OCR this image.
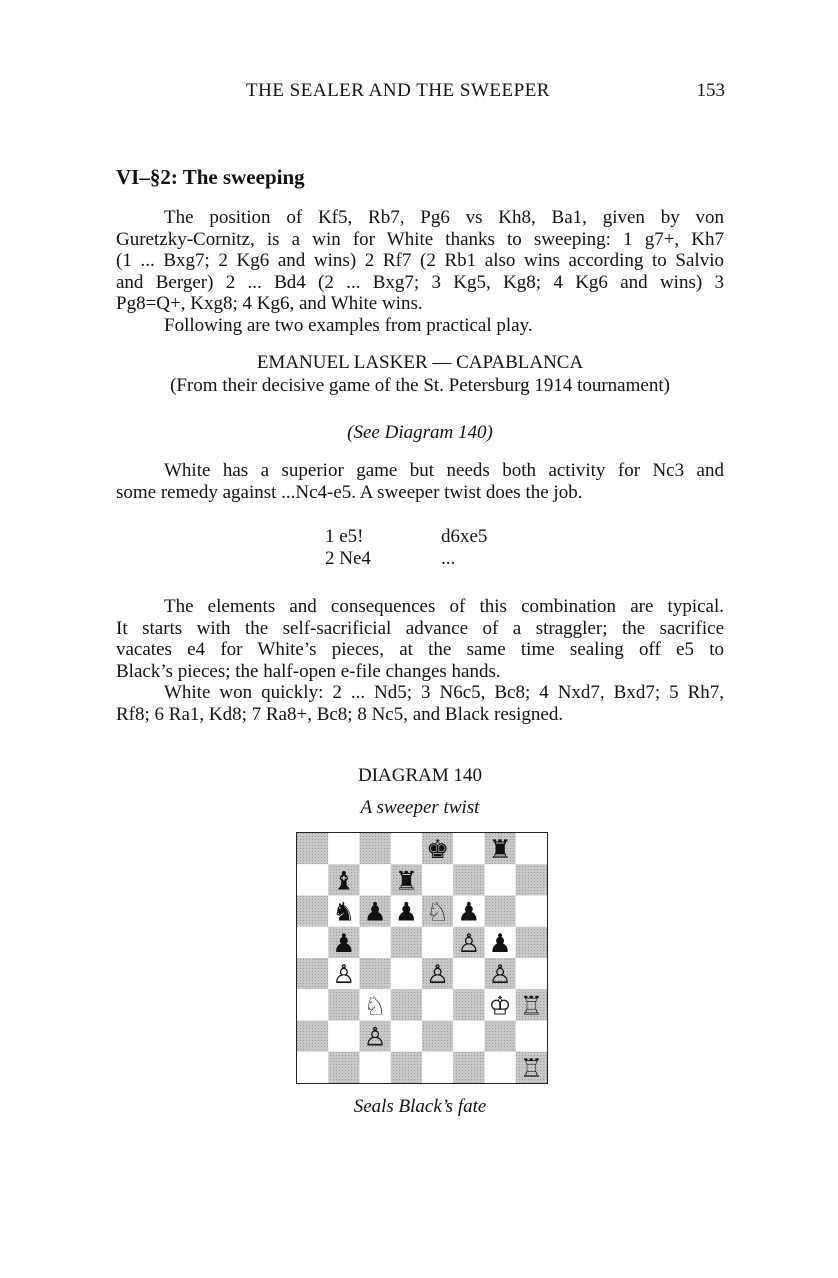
THE SEALER AND THE SWEEPER	153
VI–§2: The sweeping
The position of Kf5, Rb7, Pg6 vs Kh8, Ba1, given by von
Guretzky-Cornitz, is a win for White thanks to sweeping: 1 g7+, Kh7
(1 ... Bxg7; 2 Kg6 and wins) 2 Rf7 (2 Rb1 also wins according to Salvio
and Berger) 2 ... Bd4 (2 ... Bxg7; 3 Kg5, Kg8; 4 Kg6 and wins) 3
Pg8=Q+, Kxg8; 4 Kg6, and White wins.
Following are two examples from practical play.
EMANUEL LASKER — CAPABLANCA
(From their decisive game of the St. Petersburg 1914 tournament)
(See Diagram 140)
White has a superior game but needs both activity for Nc3 and
some remedy against ...Nc4-e5. A sweeper twist does the job.
1 e5!	d6xe5
2 Ne4	...
The elements and consequences of this combination are typical.
It starts with the self-sacrificial advance of a straggler; the sacrifice
vacates e4 for White’s pieces, at the same time sealing off e5 to
Black’s pieces; the half-open e-file changes hands.
White won quickly: 2 ... Nd5; 3 N6c5, Bc8; 4 Nxd7, Bxd7; 5 Rh7,
Rf8; 6 Ra1, Kd8; 7 Ra8+, Bc8; 8 Nc5, and Black resigned.
DIAGRAM 140
A sweeper twist
♚ ♜
♝ ♜
♞ ♟ ♟ ♘ ♟
♟	♙ ♟
♙	♙ ♙
♘	♔ ♖
♙
♖
Seals Black’s fate
